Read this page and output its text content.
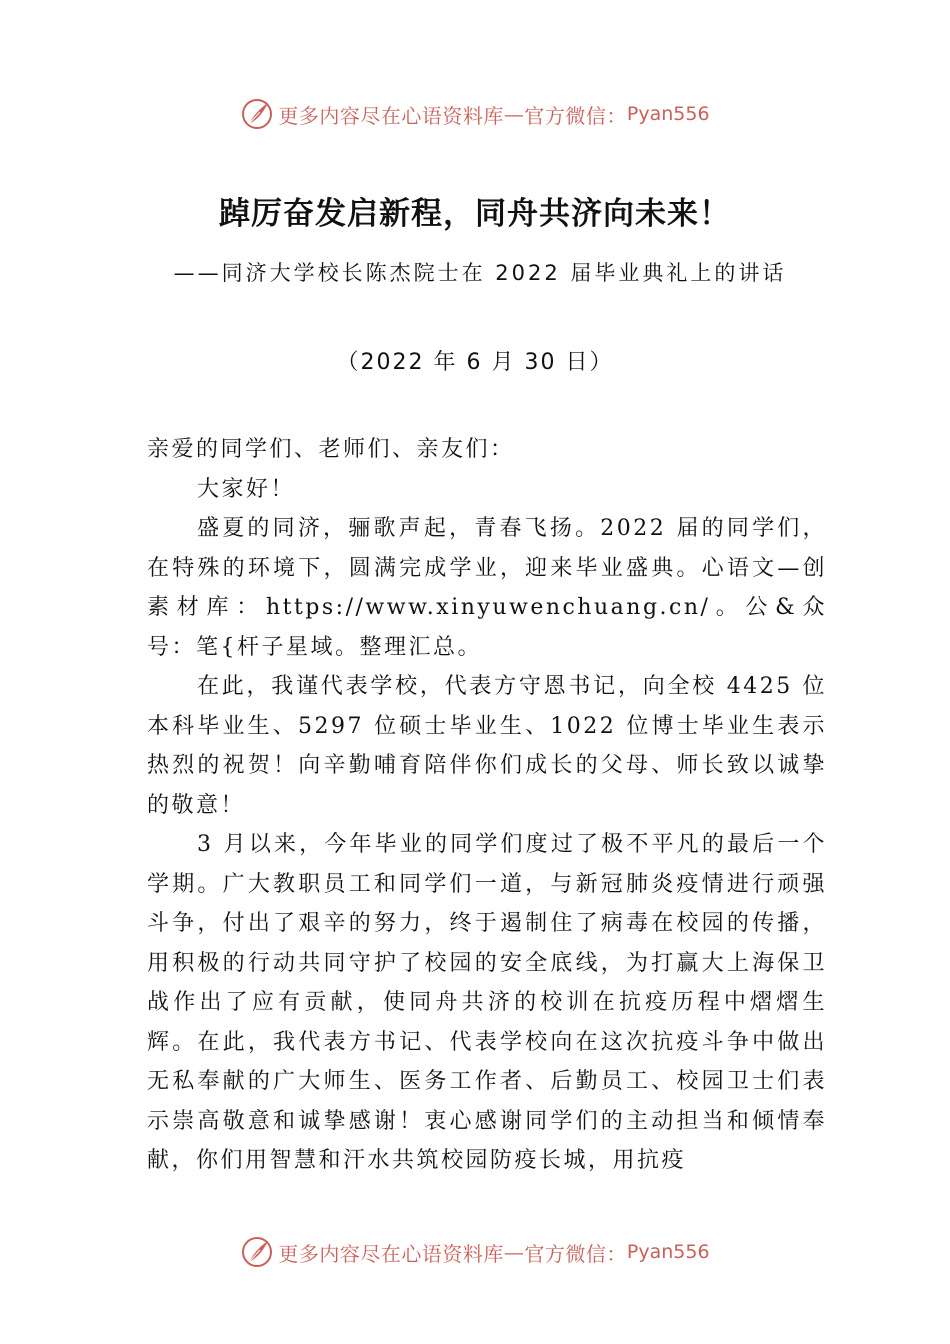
更多内容尽在心语资料库 — 官方微信： Pyan556
踔厉奋发启新程，同舟共济向未来！
——同济大学校长陈杰院士在 2022 届毕业典礼上的讲话
（2022 年 6 月 30 日）

亲爱的同学们、老师们、亲友们：

大家好！

盛夏的同济，骊歌声起，青春飞扬。2022 届的同学们，在特殊的环境下，圆满完成学业，迎来毕业盛典。心语文—创素材库：https://www.xinyuwenchuang.cn/。公&众号：笔{杆子星域。整理汇总。

在此，我谨代表学校，代表方守恩书记，向全校 4425 位本科毕业生、5297 位硕士毕业生、1022 位博士毕业生表示热烈的祝贺！向辛勤哺育陪伴你们成长的父母、师长致以诚挚的敬意！

3 月以来，今年毕业的同学们度过了极不平凡的最后一个学期。广大教职员工和同学们一道，与新冠肺炎疫情进行顽强斗争，付出了艰辛的努力，终于遏制住了病毒在校园的传播，用积极的行动共同守护了校园的安全底线，为打赢大上海保卫战作出了应有贡献，使同舟共济的校训在抗疫历程中熠熠生辉。在此，我代表方书记、代表学校向在这次抗疫斗争中做出无私奉献的广大师生、医务工作者、后勤员工、校园卫士们表示崇高敬意和诚挚感谢！衷心感谢同学们的主动担当和倾情奉献，你们用智慧和汗水共筑校园防疫长城，用抗疫

更多内容尽在心语资料库 — 官方微信： Pyan556
